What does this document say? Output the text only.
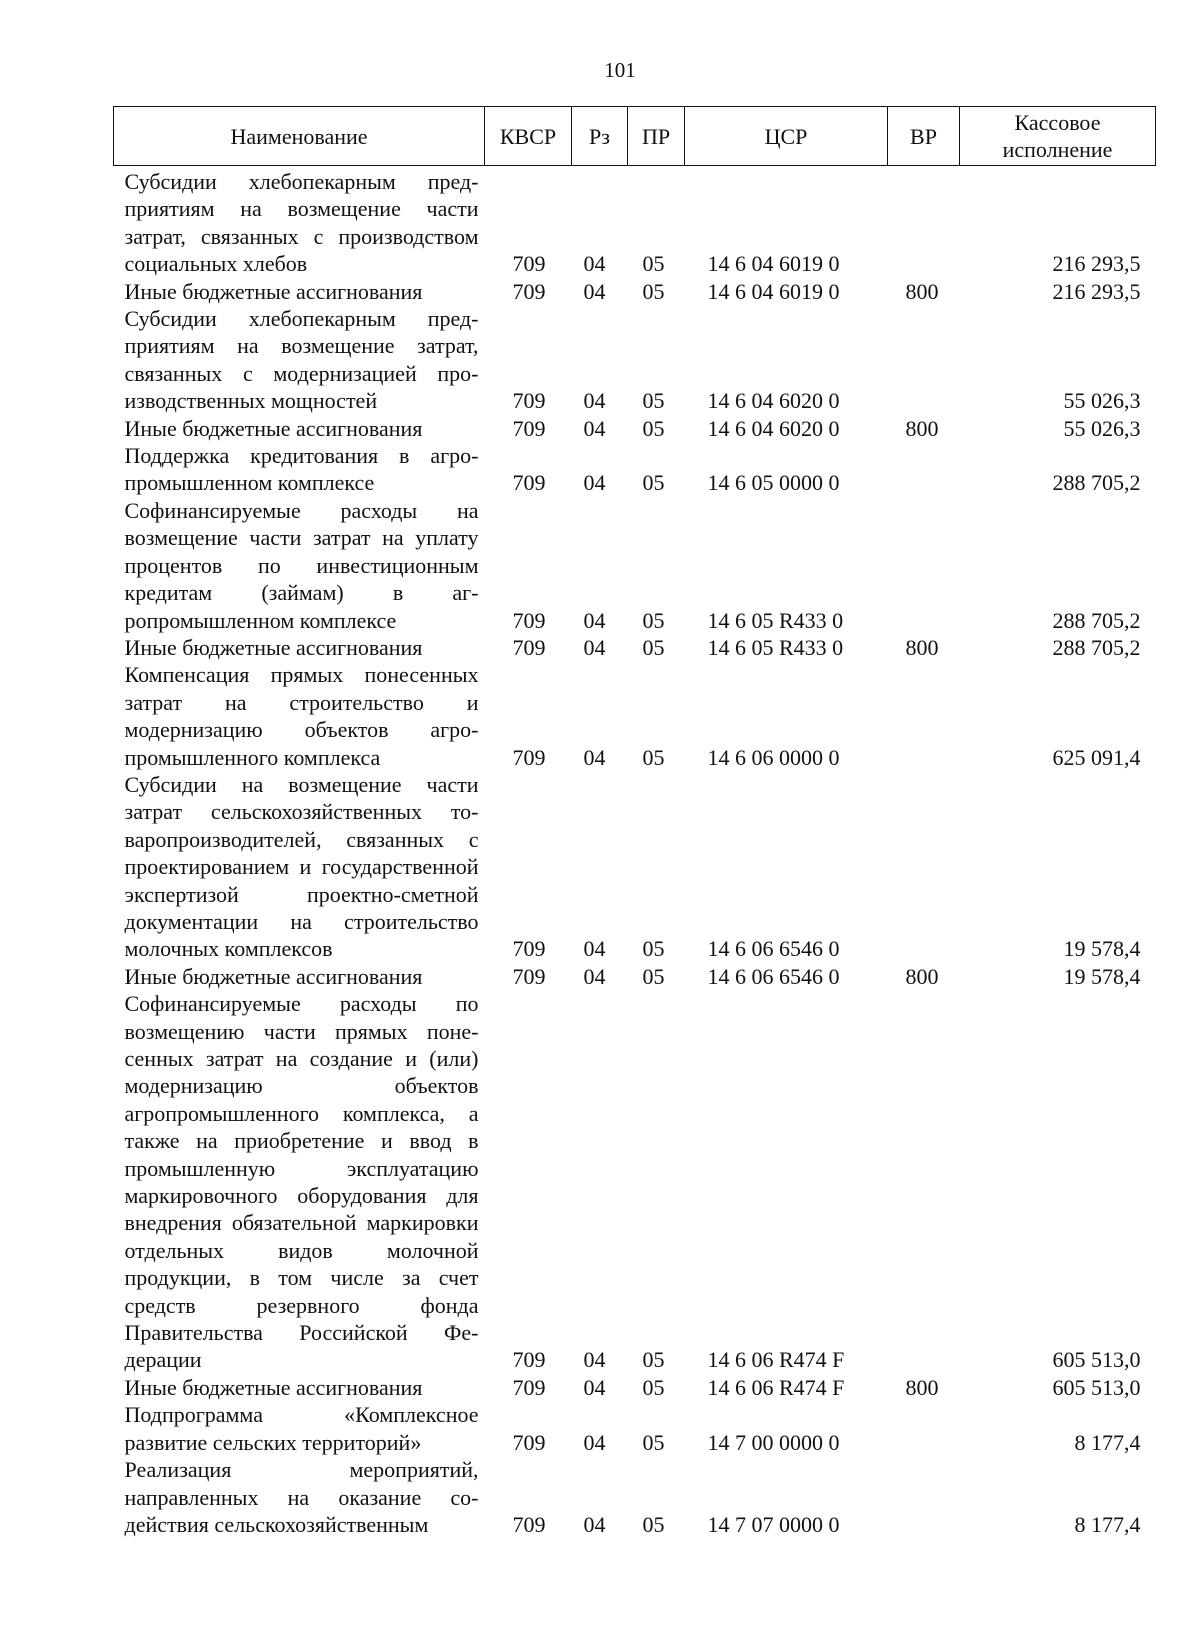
101
Наименование	КВСР	Рз	ПР	ЦСР	ВР	Кассовое исполнение
Субсидии хлебопекарным предприятиям на возмещение части затрат, связанных с производством социальных хлебов	709	04	05	14 6 04 6019 0		216 293,5
Иные бюджетные ассигнования	709	04	05	14 6 04 6019 0	800	216 293,5
Субсидии хлебопекарным предприятиям на возмещение затрат, связанных с модернизацией производственных мощностей	709	04	05	14 6 04 6020 0		55 026,3
Иные бюджетные ассигнования	709	04	05	14 6 04 6020 0	800	55 026,3
Поддержка кредитования в агропромышленном комплексе	709	04	05	14 6 05 0000 0		288 705,2
Софинансируемые расходы на возмещение части затрат на уплату процентов по инвестиционным кредитам (займам) в агропромышленном комплексе	709	04	05	14 6 05 R433 0		288 705,2
Иные бюджетные ассигнования	709	04	05	14 6 05 R433 0	800	288 705,2
Компенсация прямых понесенных затрат на строительство и модернизацию объектов агропромышленного комплекса	709	04	05	14 6 06 0000 0		625 091,4
Субсидии на возмещение части затрат сельскохозяйственных товаропроизводителей, связанных с проектированием и государственной экспертизой проектно-сметной документации на строительство молочных комплексов	709	04	05	14 6 06 6546 0		19 578,4
Иные бюджетные ассигнования	709	04	05	14 6 06 6546 0	800	19 578,4
Софинансируемые расходы по возмещению части прямых понесенных затрат на создание и (или) модернизацию объектов агропромышленного комплекса, а также на приобретение и ввод в промышленную эксплуатацию маркировочного оборудования для внедрения обязательной маркировки отдельных видов молочной продукции, в том числе за счет средств резервного фонда Правительства Российской Федерации	709	04	05	14 6 06 R474 F		605 513,0
Иные бюджетные ассигнования	709	04	05	14 6 06 R474 F	800	605 513,0
Подпрограмма «Комплексное развитие сельских территорий»	709	04	05	14 7 00 0000 0		8 177,4
Реализация мероприятий, направленных на оказание содействия сельскохозяйственным	709	04	05	14 7 07 0000 0		8 177,4
